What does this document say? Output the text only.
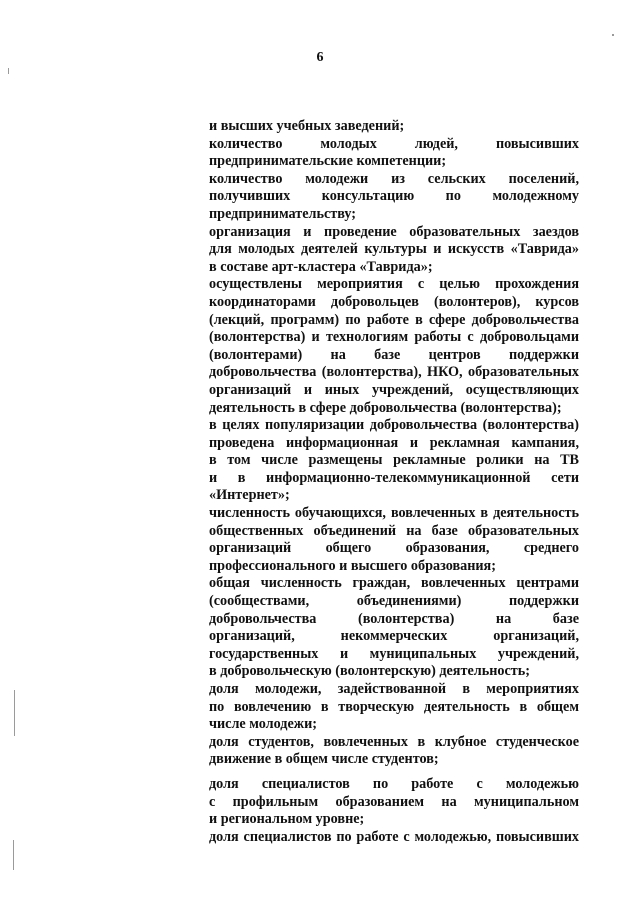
6
и высших учебных заведений;
количество молодых людей, повысивших
предпринимательские компетенции;
количество молодежи из сельских поселений,
получивших консультацию по молодежному
предпринимательству;
организация и проведение образовательных заездов
для молодых деятелей культуры и искусств «Таврида»
в составе арт-кластера «Таврида»;
осуществлены мероприятия с целью прохождения
координаторами добровольцев (волонтеров), курсов
(лекций, программ) по работе в сфере добровольчества
(волонтерства) и технологиям работы с добровольцами
(волонтерами) на базе центров поддержки
добровольчества (волонтерства), НКО, образовательных
организаций и иных учреждений, осуществляющих
деятельность в сфере добровольчества (волонтерства);
в целях популяризации добровольчества (волонтерства)
проведена информационная и рекламная кампания,
в том числе размещены рекламные ролики на ТВ
и в информационно-телекоммуникационной сети
«Интернет»;
численность обучающихся, вовлеченных в деятельность
общественных объединений на базе образовательных
организаций общего образования, среднего
профессионального и высшего образования;
общая численность граждан, вовлеченных центрами
(сообществами, объединениями) поддержки
добровольчества (волонтерства) на базе
организаций, некоммерческих организаций,
государственных и муниципальных учреждений,
в добровольческую (волонтерскую) деятельность;
доля молодежи, задействованной в мероприятиях
по вовлечению в творческую деятельность в общем
числе молодежи;
доля студентов, вовлеченных в клубное студенческое
движение в общем числе студентов;
доля специалистов по работе с молодежью
с профильным образованием на муниципальном
и региональном уровне;
доля специалистов по работе с молодежью, повысивших
